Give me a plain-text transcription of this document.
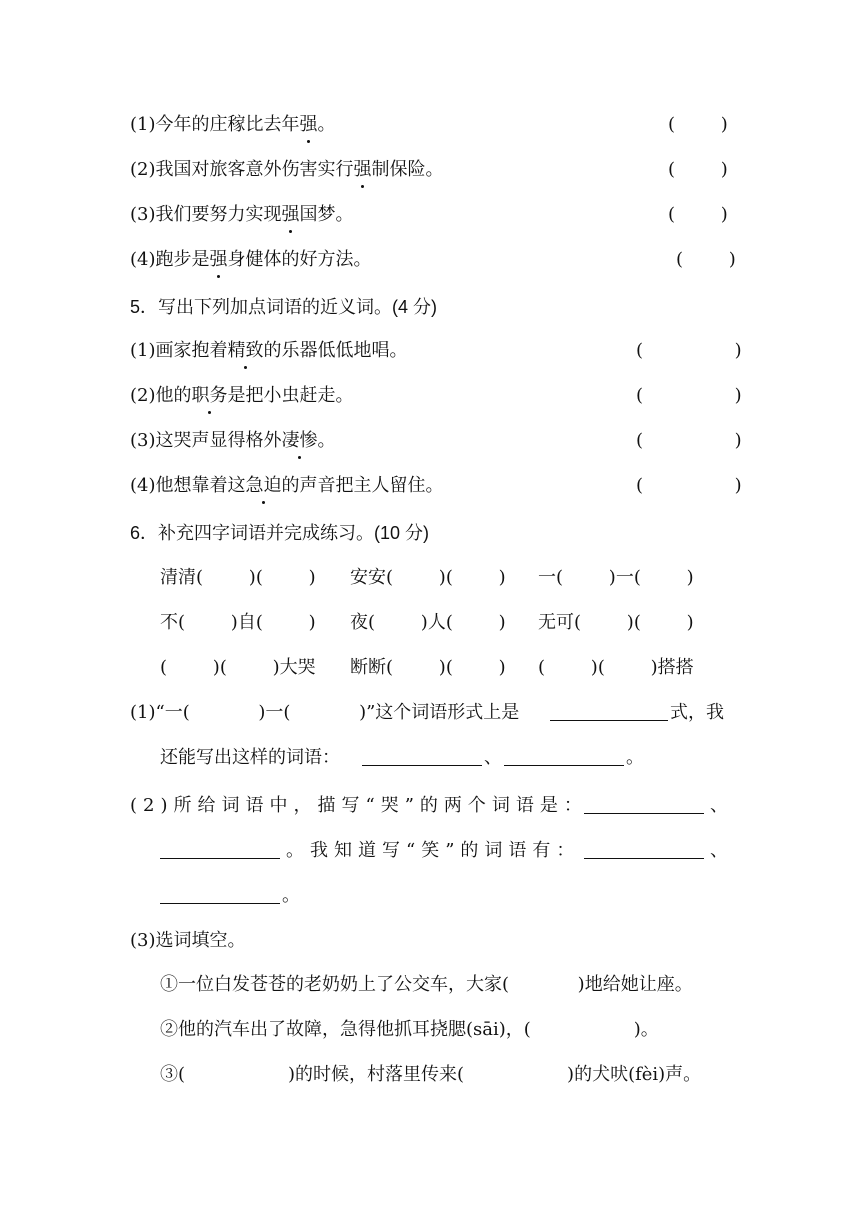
(1)今年的庄稼比去年强。	(        )
(2)我国对旅客意外伤害实行强制保险。	(        )
(3)我们要努力实现强国梦。	(        )
(4)跑步是强身健体的好方法。	(        )
5．写出下列加点词语的近义词。(4 分)
(1)画家抱着精致的乐器低低地唱。	(                )
(2)他的职务是把小虫赶走。	(                )
(3)这哭声显得格外凄惨。	(                )
(4)他想靠着这急迫的声音把主人留住。	(                )
6．补充四字词语并完成练习。(10 分)
清清(        )(        ) 安安(        )(        ) 一(        )一(        )
不(        )自(        ) 夜(        )人(        ) 无可(        )(        )
(        )(        )大哭 断断(        )(        ) (        )(        )搭搭
(1)“一(            )一(            )”这个词语形式上是	式，我
还能写出这样的词语：	、	。
(2)所给词语中，描写“哭”的两个词语是：	、
。我知道写“笑”的词语有：	、
。
(3)选词填空。
①一位白发苍苍的老奶奶上了公交车，大家(            )地给她让座。
②他的汽车出了故障，急得他抓耳挠腮(sāi)，(                  )。
③(                  )的时候，村落里传来(                  )的犬吠(fèi)声。
